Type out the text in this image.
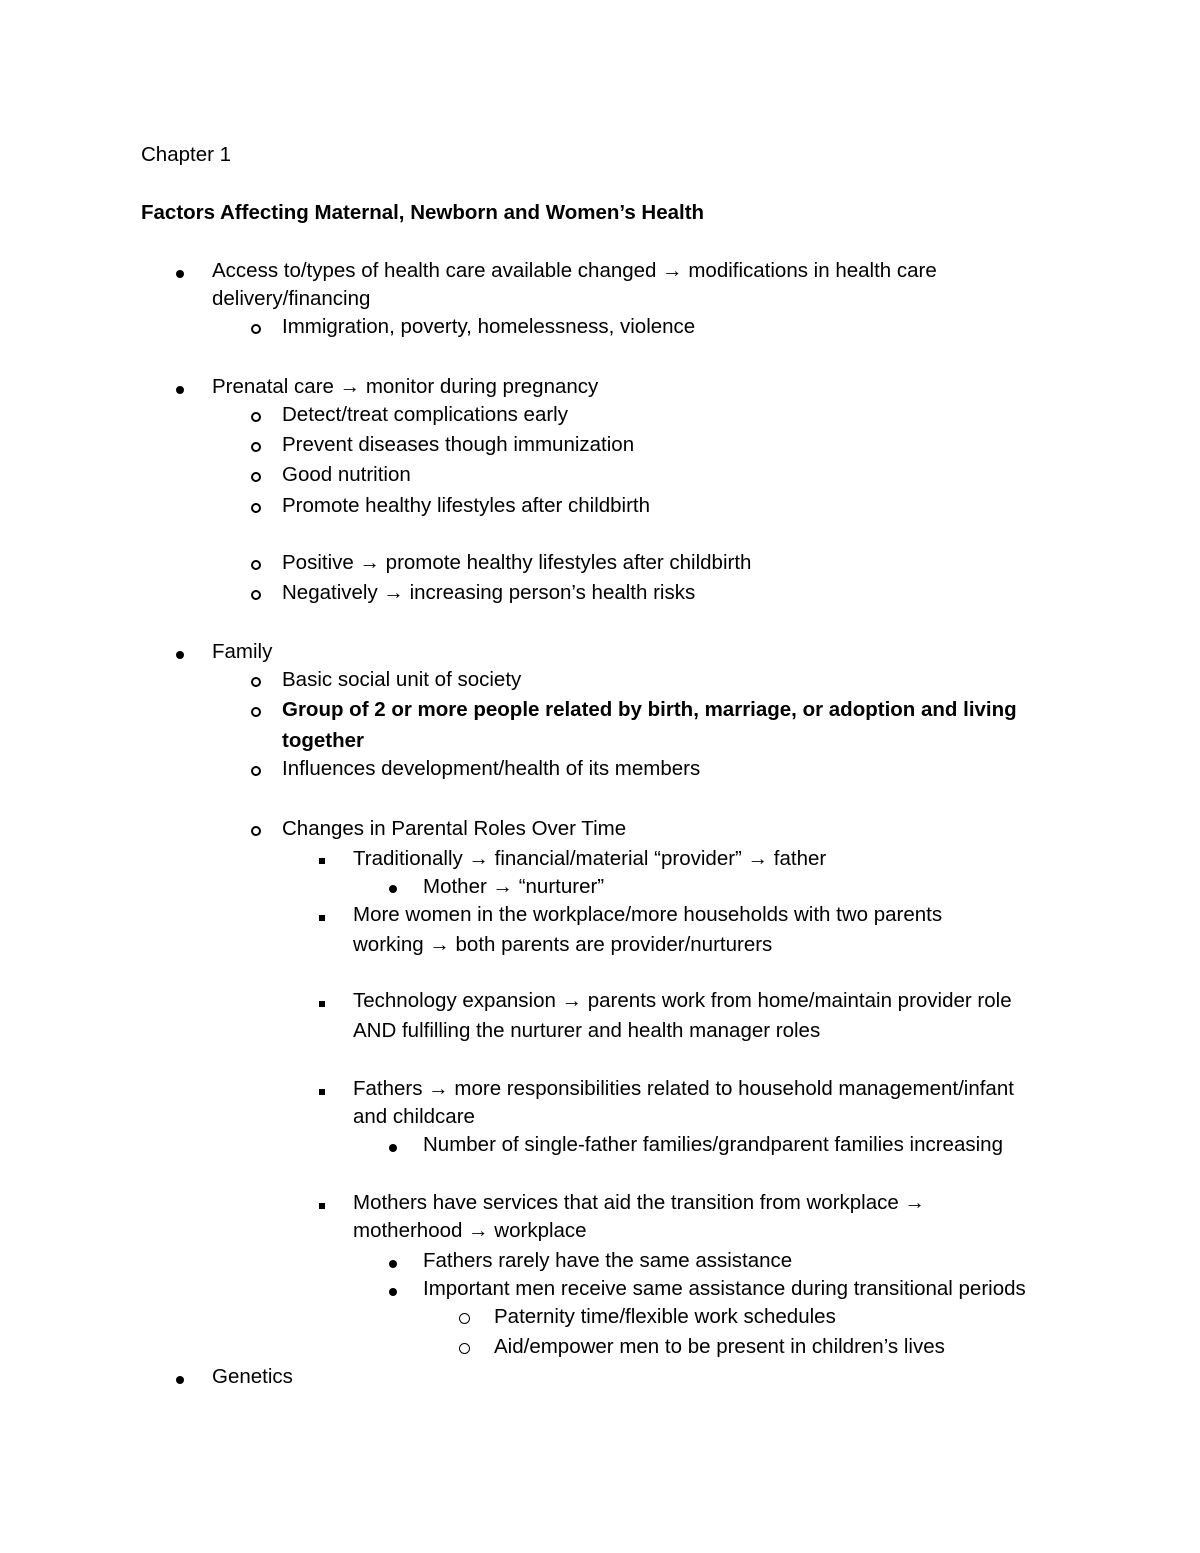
Chapter 1
Factors Affecting Maternal, Newborn and Women’s Health
Access to/types of health care available changed → modifications in health care
delivery/financing
Immigration, poverty, homelessness, violence
Prenatal care → monitor during pregnancy
Detect/treat complications early
Prevent diseases though immunization
Good nutrition
Promote healthy lifestyles after childbirth
Positive → promote healthy lifestyles after childbirth
Negatively → increasing person’s health risks
Family
Basic social unit of society
Group of 2 or more people related by birth, marriage, or adoption and living
together
Influences development/health of its members
Changes in Parental Roles Over Time
Traditionally → financial/material “provider” → father
Mother → “nurturer”
More women in the workplace/more households with two parents
working → both parents are provider/nurturers
Technology expansion → parents work from home/maintain provider role
AND fulfilling the nurturer and health manager roles
Fathers → more responsibilities related to household management/infant
and childcare
Number of single-father families/grandparent families increasing
Mothers have services that aid the transition from workplace →
motherhood → workplace
Fathers rarely have the same assistance
Important men receive same assistance during transitional periods
Paternity time/flexible work schedules
Aid/empower men to be present in children’s lives
Genetics
